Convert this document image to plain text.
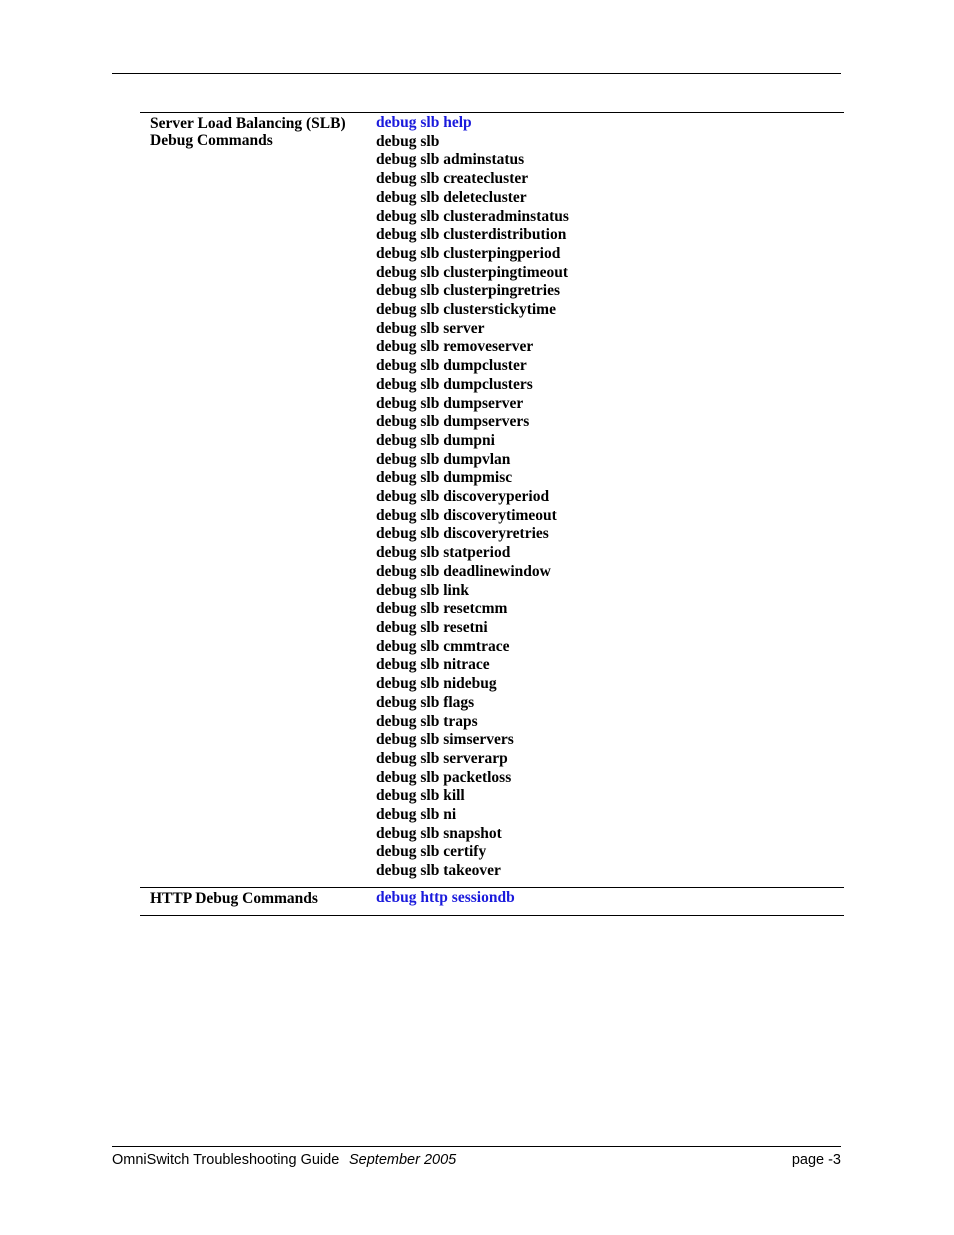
Server Load Balancing (SLB)
Debug Commands
debug slb help
debug slb
debug slb adminstatus
debug slb createcluster
debug slb deletecluster
debug slb clusteradminstatus
debug slb clusterdistribution
debug slb clusterpingperiod
debug slb clusterpingtimeout
debug slb clusterpingretries
debug slb clusterstickytime
debug slb server
debug slb removeserver
debug slb dumpcluster
debug slb dumpclusters
debug slb dumpserver
debug slb dumpservers
debug slb dumpni
debug slb dumpvlan
debug slb dumpmisc
debug slb discoveryperiod
debug slb discoverytimeout
debug slb discoveryretries
debug slb statperiod
debug slb deadlinewindow
debug slb link
debug slb resetcmm
debug slb resetni
debug slb cmmtrace
debug slb nitrace
debug slb nidebug
debug slb flags
debug slb traps
debug slb simservers
debug slb serverarp
debug slb packetloss
debug slb kill
debug slb ni
debug slb snapshot
debug slb certify
debug slb takeover
HTTP Debug Commands	debug http sessiondb
OmniSwitch Troubleshooting Guide September 2005	page -3
